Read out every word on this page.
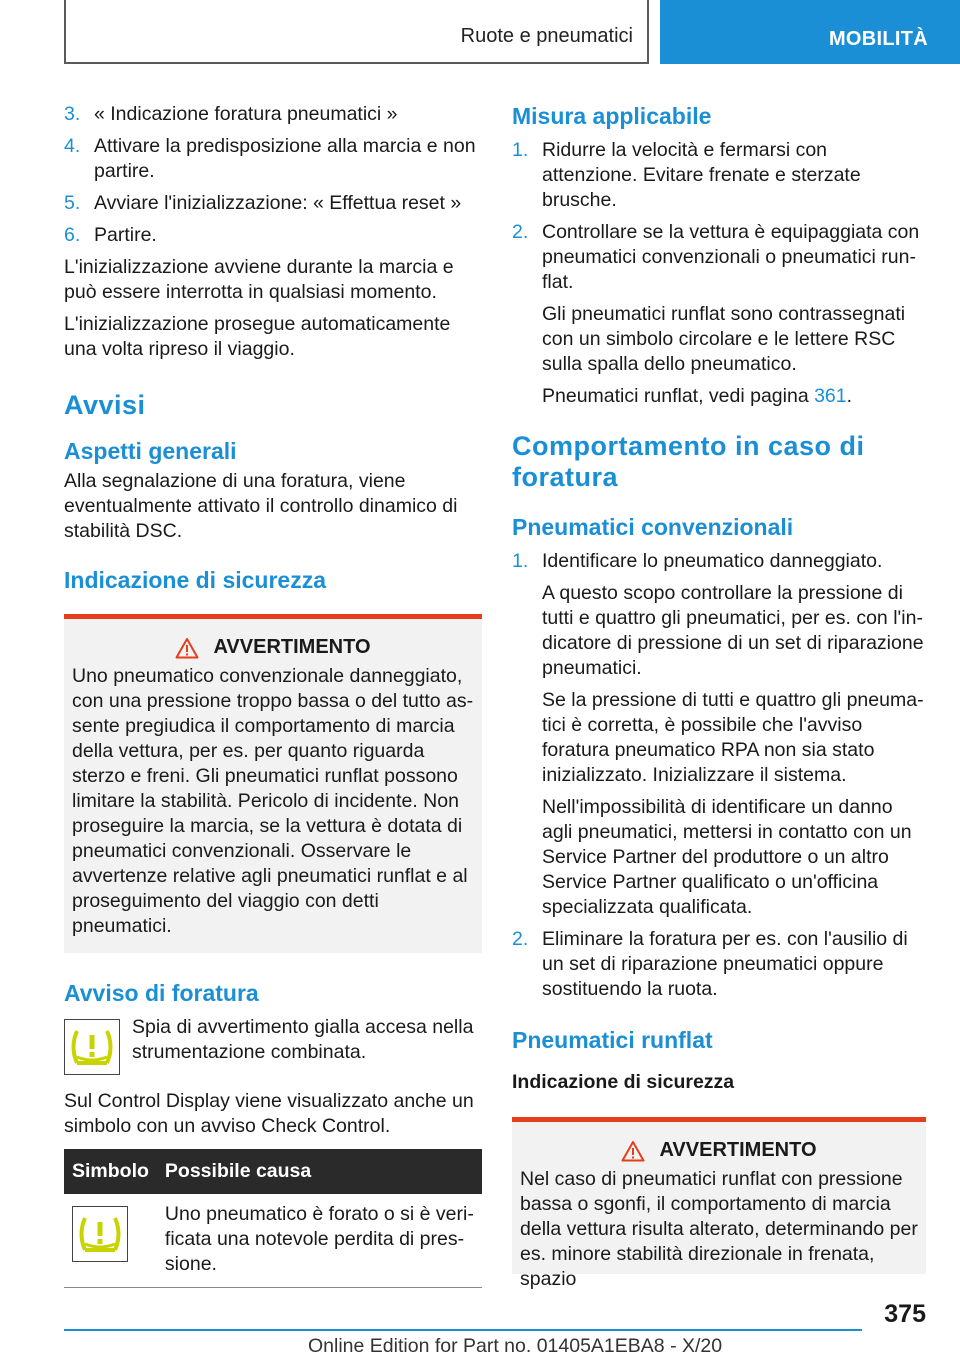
Ruote e pneumatici	MOBILITÀ
3. « Indicazione foratura pneumatici »
4. Attivare la predisposizione alla marcia e non partire.
5. Avviare l'inizializzazione: « Effettua reset »
6. Partire.

L'inizializzazione avviene durante la marcia e può essere interrotta in qualsiasi momento.

L'inizializzazione prosegue automaticamente una volta ripreso il viaggio.

Avvisi
Aspetti generali

Alla segnalazione di una foratura, viene eventualmente attivato il controllo dinamico di stabilità DSC.

Indicazione di sicurezza
AVVERTIMENTO

Uno pneumatico convenzionale danneggiato, con una pressione troppo bassa o del tutto assente pregiudica il comportamento di marcia della vettura, per es. per quanto riguarda sterzo e freni. Gli pneumatici runflat possono limitare la stabilità. Pericolo di incidente. Non proseguire la marcia, se la vettura è dotata di pneumatici convenzionali. Osservare le avvertenze relative agli pneumatici runflat e al proseguimento del viaggio con detti pneumatici.

Avviso di foratura

Spia di avvertimento gialla accesa nella strumentazione combinata.

Sul Control Display viene visualizzato anche un simbolo con un avviso Check Control.

Simbolo	Possibile causa

	Uno pneumatico è forato o si è verificata una notevole perdita di pressione.
Misura applicabile
1. Ridurre la velocità e fermarsi con attenzione. Evitare frenate e sterzate brusche.
2. Controllare se la vettura è equipaggiata con pneumatici convenzionali o pneumatici runflat.

Gli pneumatici runflat sono contrassegnati con un simbolo circolare e le lettere RSC sulla spalla dello pneumatico.

Pneumatici runflat, vedi pagina 361.

Comportamento in caso di foratura
Pneumatici convenzionali
1. Identificare lo pneumatico danneggiato.

A questo scopo controllare la pressione di tutti e quattro gli pneumatici, per es. con l'indicatore di pressione di un set di riparazione pneumatici.

Se la pressione di tutti e quattro gli pneumatici è corretta, è possibile che l'avviso foratura pneumatico RPA non sia stato inizializzato. Inizializzare il sistema.

Nell'impossibilità di identificare un danno agli pneumatici, mettersi in contatto con un Service Partner del produttore o un altro Service Partner qualificato o un'officina specializzata qualificata.

2. Eliminare la foratura per es. con l'ausilio di un set di riparazione pneumatici oppure sostituendo la ruota.
Pneumatici runflat
Indicazione di sicurezza
AVVERTIMENTO

Nel caso di pneumatici runflat con pressione bassa o sgonfi, il comportamento di marcia della vettura risulta alterato, determinando per es. minore stabilità direzionale in frenata, spazio

375
Online Edition for Part no. 01405A1EBA8 - X/20
